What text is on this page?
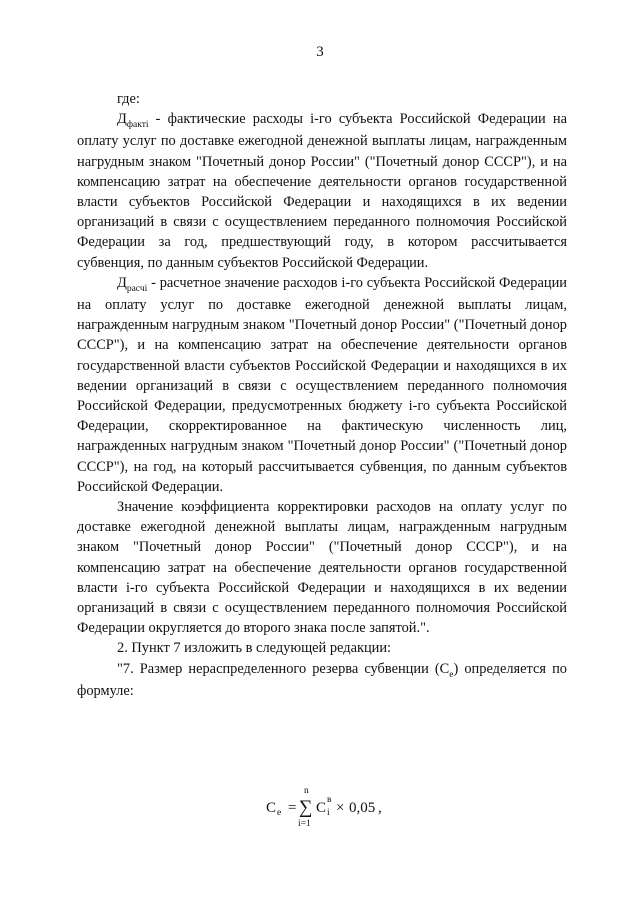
3

где:

$Д_{фактi}$ - фактические расходы i-го субъекта Российской Федерации на оплату услуг по доставке ежегодной денежной выплаты лицам, награжденным нагрудным знаком "Почетный донор России" ("Почетный донор СССР"), и на компенсацию затрат на обеспечение деятельности органов государственной власти субъектов Российской Федерации и находящихся в их ведении организаций в связи с осуществлением переданного полномочия Российской Федерации за год, предшествующий году, в котором рассчитывается субвенция, по данным субъектов Российской Федерации.

$Д_{расчi}$ - расчетное значение расходов i-го субъекта Российской Федерации на оплату услуг по доставке ежегодной денежной выплаты лицам, награжденным нагрудным знаком "Почетный донор России" ("Почетный донор СССР"), и на компенсацию затрат на обеспечение деятельности органов государственной власти субъектов Российской Федерации и находящихся в их ведении организаций в связи с осуществлением переданного полномочия Российской Федерации, предусмотренных бюджету i-го субъекта Российской Федерации, скорректированное на фактическую численность лиц, награжденных нагрудным знаком "Почетный донор России" ("Почетный донор СССР"), на год, на который рассчитывается субвенция, по данным субъектов Российской Федерации.

Значение коэффициента корректировки расходов на оплату услуг по доставке ежегодной денежной выплаты лицам, награжденным нагрудным знаком "Почетный донор России" ("Почетный донор СССР"), и на компенсацию затрат на обеспечение деятельности органов государственной власти i-го субъекта Российской Федерации и находящихся в их ведении организаций в связи с осуществлением переданного полномочия Российской Федерации округляется до второго знака после запятой.".

2. Пункт 7 изложить в следующей редакции:

"7. Размер нераспределенного резерва субвенции $(С_е)$ определяется по формуле:

С е =
n
∑
i=1
С в
i × 0,05 ,
